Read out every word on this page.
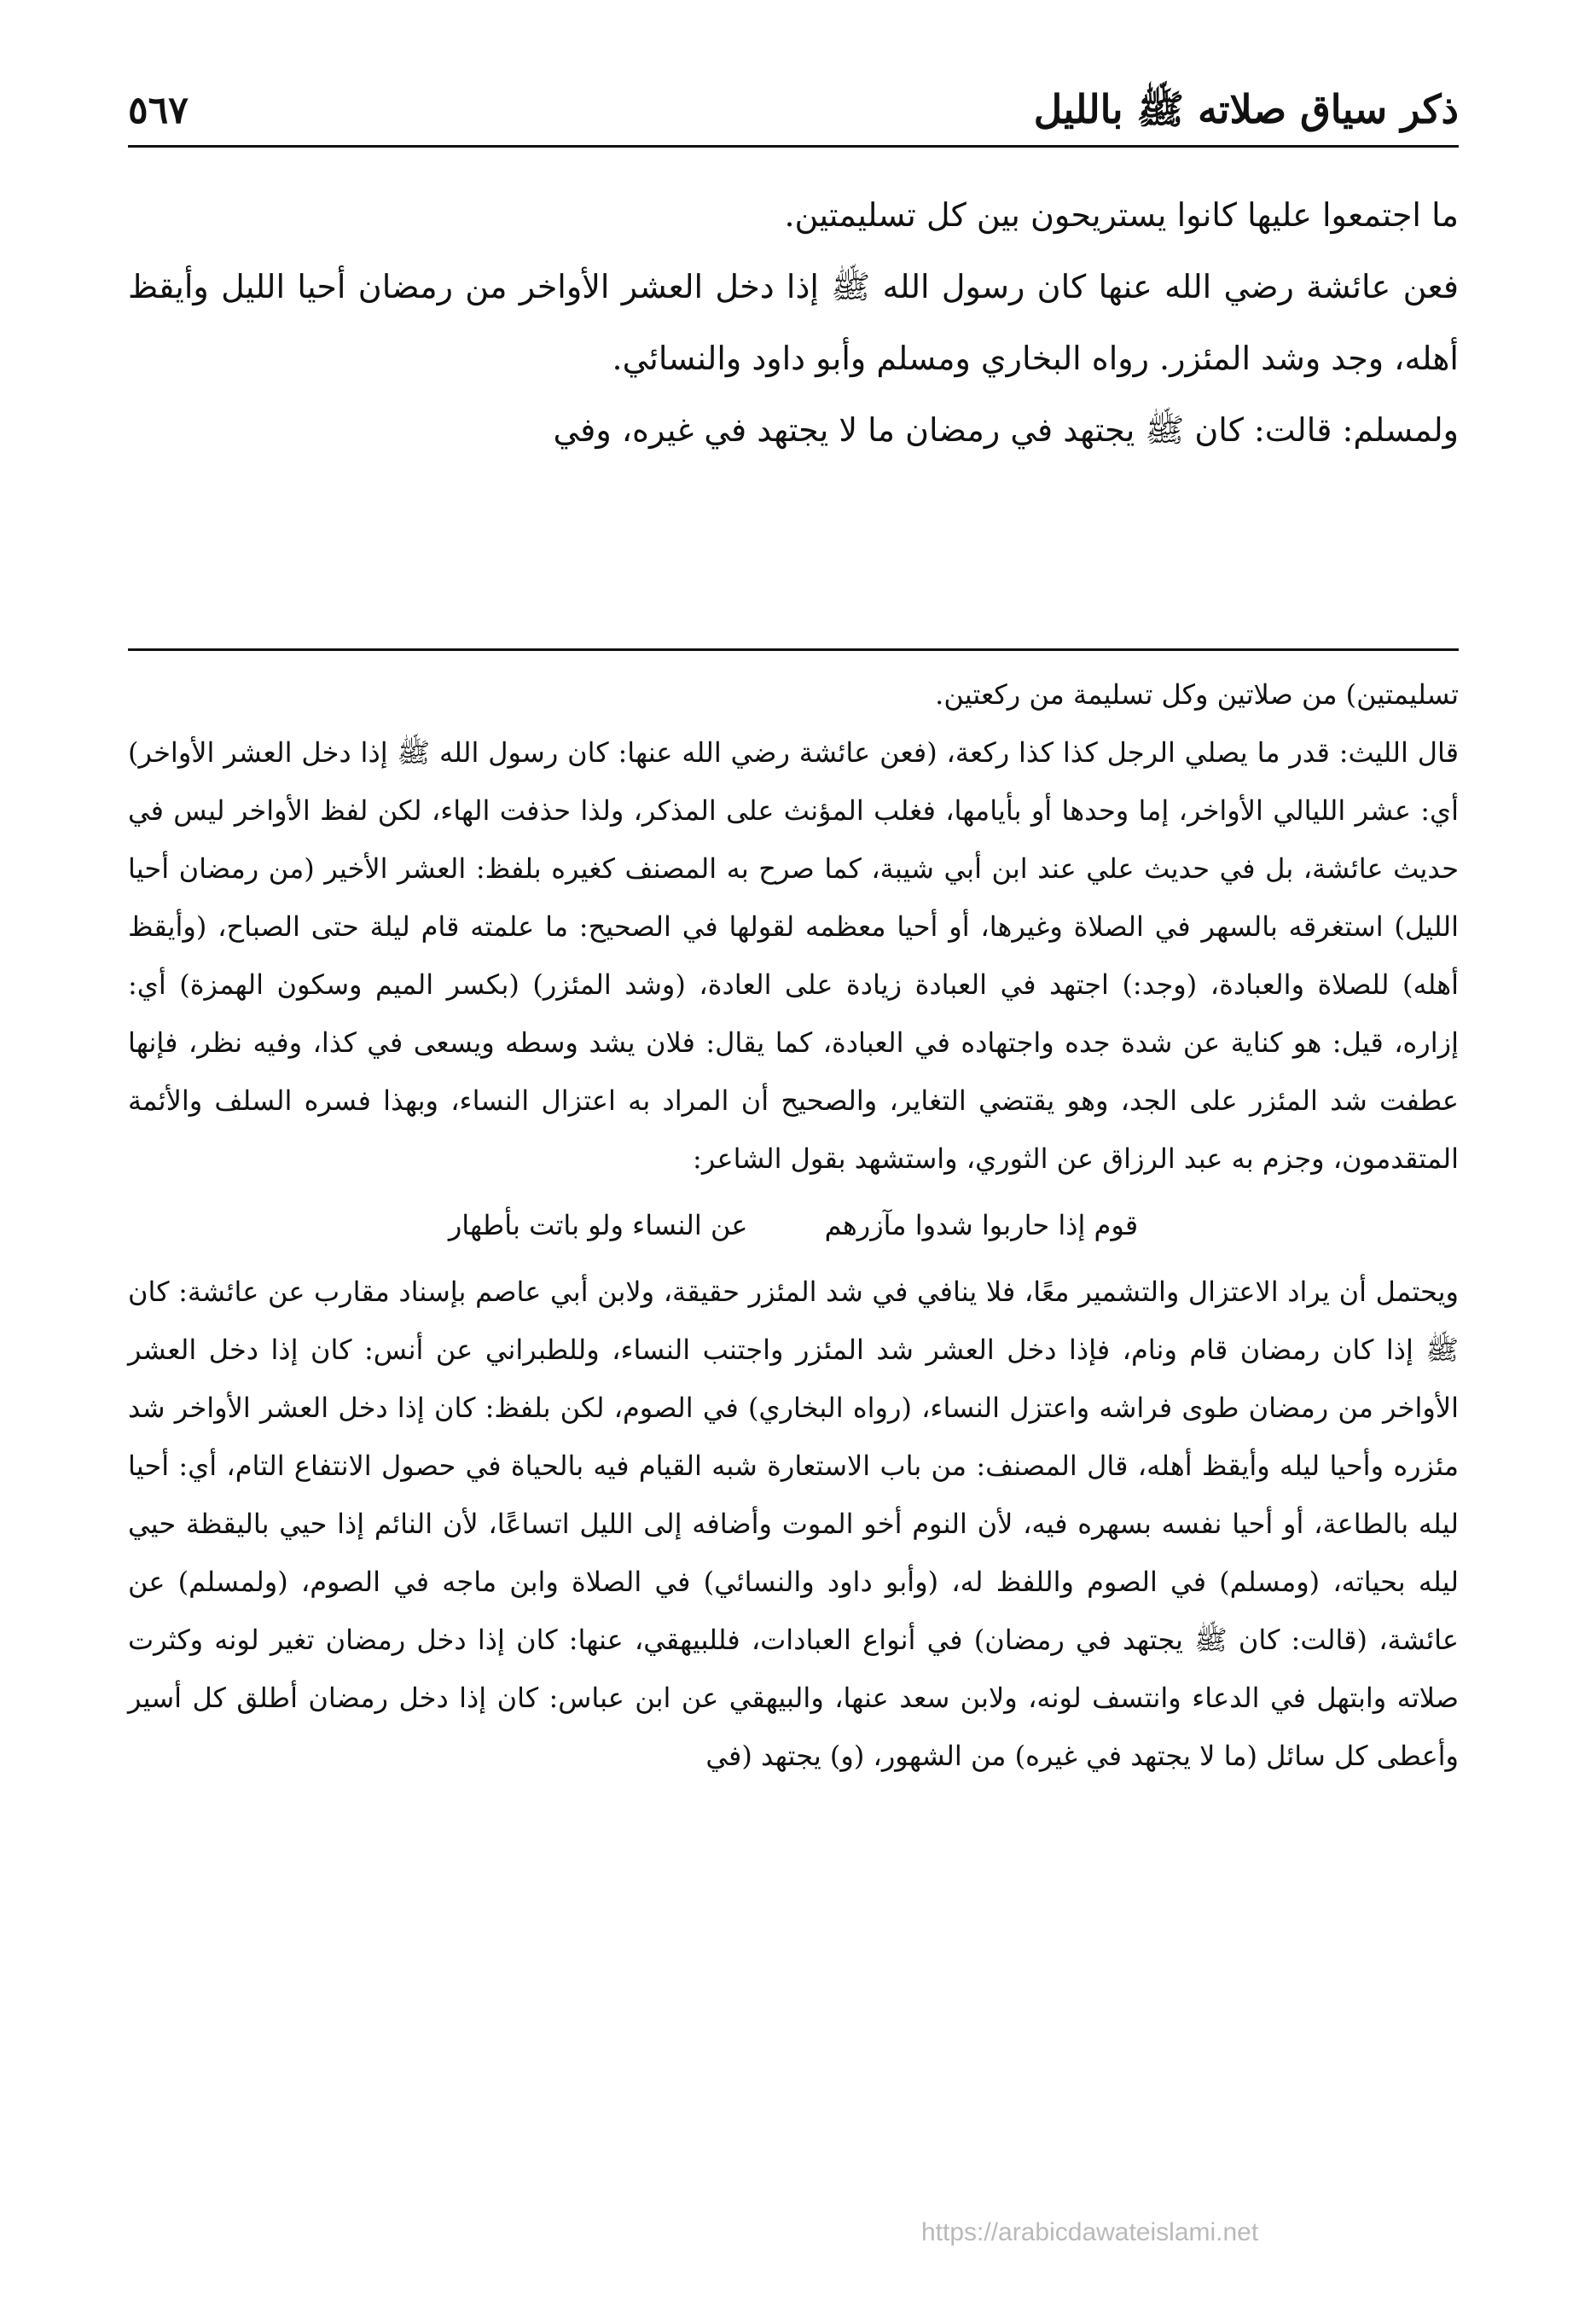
ذكر سياق صلاته ﷺ بالليل
٥٦٧

ما اجتمعوا عليها كانوا يستريحون بين كل تسليمتين.

فعن عائشة رضي الله عنها كان رسول الله ﷺ إذا دخل العشر الأواخر من رمضان أحيا الليل وأيقظ أهله، وجد وشد المئزر. رواه البخاري ومسلم وأبو داود والنسائي.

ولمسلم: قالت: كان ﷺ يجتهد في رمضان ما لا يجتهد في غيره، وفي

تسليمتين) من صلاتين وكل تسليمة من ركعتين.

قال الليث: قدر ما يصلي الرجل كذا كذا ركعة، (فعن عائشة رضي الله عنها: كان رسول الله ﷺ إذا دخل العشر الأواخر) أي: عشر الليالي الأواخر، إما وحدها أو بأيامها، فغلب المؤنث على المذكر، ولذا حذفت الهاء، لكن لفظ الأواخر ليس في حديث عائشة، بل في حديث علي عند ابن أبي شيبة، كما صرح به المصنف كغيره بلفظ: العشر الأخير (من رمضان أحيا الليل) استغرقه بالسهر في الصلاة وغيرها، أو أحيا معظمه لقولها في الصحيح: ما علمته قام ليلة حتى الصباح، (وأيقظ أهله) للصلاة والعبادة، (وجد:) اجتهد في العبادة زيادة على العادة، (وشد المئزر) (بكسر الميم وسكون الهمزة) أي: إزاره، قيل: هو كناية عن شدة جده واجتهاده في العبادة، كما يقال: فلان يشد وسطه ويسعى في كذا، وفيه نظر، فإنها عطفت شد المئزر على الجد، وهو يقتضي التغاير، والصحيح أن المراد به اعتزال النساء، وبهذا فسره السلف والأئمة المتقدمون، وجزم به عبد الرزاق عن الثوري، واستشهد بقول الشاعر:

قوم إذا حاربوا شدوا مآزرهم عن النساء ولو باتت بأطهار

ويحتمل أن يراد الاعتزال والتشمير معًا، فلا ينافي في شد المئزر حقيقة، ولابن أبي عاصم بإسناد مقارب عن عائشة: كان ﷺ إذا كان رمضان قام ونام، فإذا دخل العشر شد المئزر واجتنب النساء، وللطبراني عن أنس: كان إذا دخل العشر الأواخر من رمضان طوى فراشه واعتزل النساء، (رواه البخاري) في الصوم، لكن بلفظ: كان إذا دخل العشر الأواخر شد مئزره وأحيا ليله وأيقظ أهله، قال المصنف: من باب الاستعارة شبه القيام فيه بالحياة في حصول الانتفاع التام، أي: أحيا ليله بالطاعة، أو أحيا نفسه بسهره فيه، لأن النوم أخو الموت وأضافه إلى الليل اتساعًا، لأن النائم إذا حيي باليقظة حيي ليله بحياته، (ومسلم) في الصوم واللفظ له، (وأبو داود والنسائي) في الصلاة وابن ماجه في الصوم، (ولمسلم) عن عائشة، (قالت: كان ﷺ يجتهد في رمضان) في أنواع العبادات، فللبيهقي، عنها: كان إذا دخل رمضان تغير لونه وكثرت صلاته وابتهل في الدعاء وانتسف لونه، ولابن سعد عنها، والبيهقي عن ابن عباس: كان إذا دخل رمضان أطلق كل أسير وأعطى كل سائل (ما لا يجتهد في غيره) من الشهور، (و) يجتهد (في

https://arabicdawateislami.net
